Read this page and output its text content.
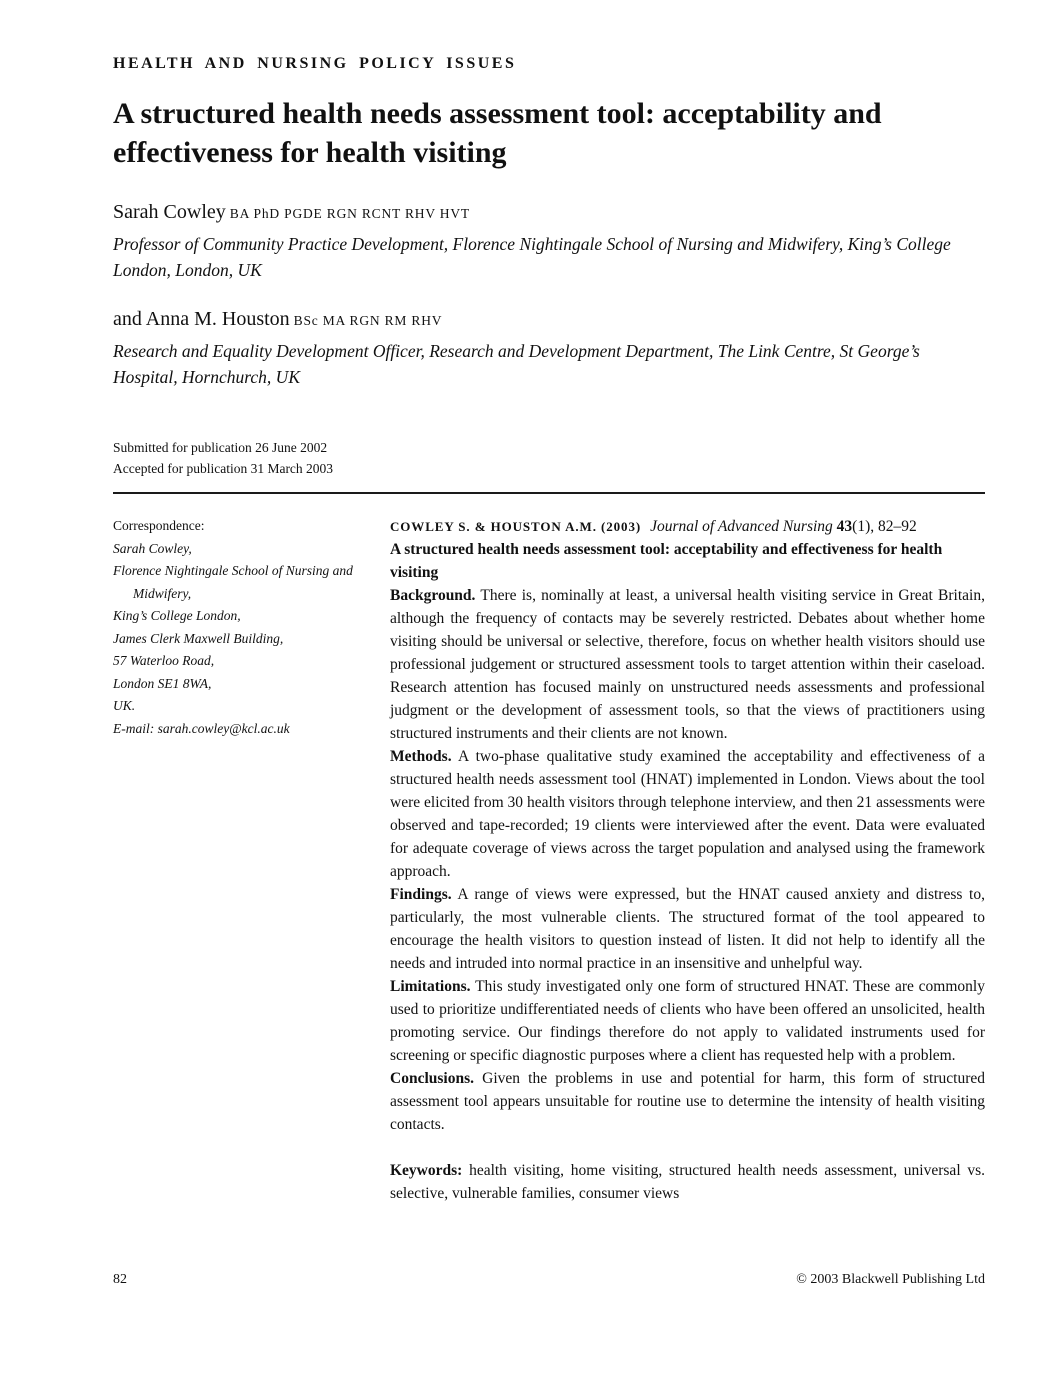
HEALTH AND NURSING POLICY ISSUES
A structured health needs assessment tool: acceptability and effectiveness for health visiting
Sarah Cowley BA PhD PGDE RGN RCNT RHV HVT
Professor of Community Practice Development, Florence Nightingale School of Nursing and Midwifery, King’s College London, London, UK
and Anna M. Houston BSc MA RGN RM RHV
Research and Equality Development Officer, Research and Development Department, The Link Centre, St George’s Hospital, Hornchurch, UK
Submitted for publication 26 June 2002
Accepted for publication 31 March 2003
Correspondence:
Sarah Cowley,
Florence Nightingale School of Nursing and Midwifery,
King’s College London,
James Clerk Maxwell Building,
57 Waterloo Road,
London SE1 8WA,
UK.
E-mail: sarah.cowley@kcl.ac.uk

COWLEY S. & HOUSTON A.M. (2003) Journal of Advanced Nursing 43(1), 82–92

A structured health needs assessment tool: acceptability and effectiveness for health visiting

Background. There is, nominally at least, a universal health visiting service in Great Britain, although the frequency of contacts may be severely restricted. Debates about whether home visiting should be universal or selective, therefore, focus on whether health visitors should use professional judgement or structured assessment tools to target attention within their caseload. Research attention has focused mainly on unstructured needs assessments and professional judgment or the development of assessment tools, so that the views of practitioners using structured instruments and their clients are not known.

Methods. A two-phase qualitative study examined the acceptability and effectiveness of a structured health needs assessment tool (HNAT) implemented in London. Views about the tool were elicited from 30 health visitors through telephone interview, and then 21 assessments were observed and tape-recorded; 19 clients were interviewed after the event. Data were evaluated for adequate coverage of views across the target population and analysed using the framework approach.

Findings. A range of views were expressed, but the HNAT caused anxiety and distress to, particularly, the most vulnerable clients. The structured format of the tool appeared to encourage the health visitors to question instead of listen. It did not help to identify all the needs and intruded into normal practice in an insensitive and unhelpful way.

Limitations. This study investigated only one form of structured HNAT. These are commonly used to prioritize undifferentiated needs of clients who have been offered an unsolicited, health promoting service. Our findings therefore do not apply to validated instruments used for screening or specific diagnostic purposes where a client has requested help with a problem.

Conclusions. Given the problems in use and potential for harm, this form of structured assessment tool appears unsuitable for routine use to determine the intensity of health visiting contacts.

Keywords: health visiting, home visiting, structured health needs assessment, universal vs. selective, vulnerable families, consumer views

82	© 2003 Blackwell Publishing Ltd
